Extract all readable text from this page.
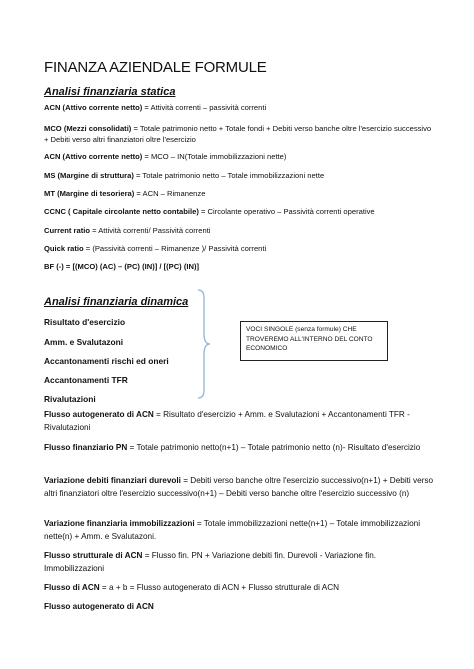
FINANZA AZIENDALE FORMULE
Analisi finanziaria statica
ACN (Attivo corrente netto) = Attività correnti – passività correnti
MCO (Mezzi consolidati) = Totale patrimonio netto + Totale fondi + Debiti verso banche oltre l'esercizio successivo + Debiti verso altri finanziatori oltre l'esercizio
ACN (Attivo corrente netto) = MCO – IN(Totale immobilizzazioni nette)
MS (Margine di struttura) = Totale patrimonio netto – Totale immobilizzazioni nette
MT (Margine di tesoriera) = ACN – Rimanenze
CCNC ( Capitale circolante netto contabile) = Circolante operativo – Passività correnti operative
Current ratio = Attività correnti/ Passività correnti
Quick ratio = (Passività correnti – Rimanenze )/ Passività correnti
BF (-) = [(MCO) (AC) – (PC) (IN)] / [(PC) (IN)]
Analisi finanziaria dinamica
Risultato d'esercizio
Amm. e Svalutazoni
Accantonamenti rischi ed oneri
Accantonamenti TFR
Rivalutazioni
VOCI SINGOLE (senza formule) CHE TROVEREMO ALL'INTERNO DEL CONTO ECONOMICO
Flusso autogenerato di ACN = Risultato d'esercizio + Amm. e Svalutazioni + Accantonamenti TFR - Rivalutazioni
Flusso finanziario PN = Totale patrimonio netto(n+1) – Totale patrimonio netto (n)- Risultato d'esercizio
Variazione debiti finanziari durevoli = Debiti verso banche oltre l'esercizio successivo(n+1) + Debiti verso altri finanziatori oltre l'esercizio successivo(n+1) – Debiti verso banche oltre l'esercizio successivo (n)
Variazione finanziaria immobilizzazioni = Totale immobilizzazioni nette(n+1) – Totale immobilizzazioni nette(n) + Amm. e Svalutazoni.
Flusso strutturale di ACN = Flusso fin. PN + Variazione debiti fin. Durevoli - Variazione fin. Immobilizzazioni
Flusso di ACN = a + b = Flusso autogenerato di ACN + Flusso strutturale di ACN
Flusso autogenerato di ACN
